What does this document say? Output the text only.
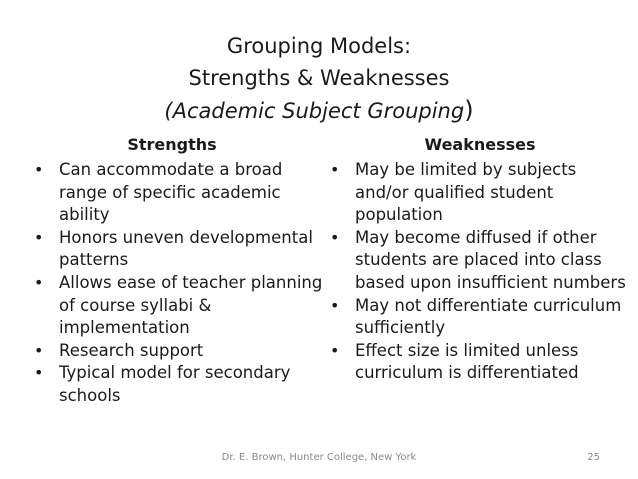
Grouping Models:
Strengths & Weaknesses
(Academic Subject Grouping)

Strengths

• Can accommodate a broad range of specific academic ability
• Honors uneven developmental patterns
• Allows ease of teacher planning of course syllabi & implementation
• Research support
• Typical model for secondary schools

Weaknesses

• May be limited by subjects and/or qualified student population
• May become diffused if other students are placed into class based upon insufficient numbers
• May not differentiate curriculum sufficiently
• Effect size is limited unless curriculum is differentiated
Dr. E. Brown, Hunter College, New York	25
